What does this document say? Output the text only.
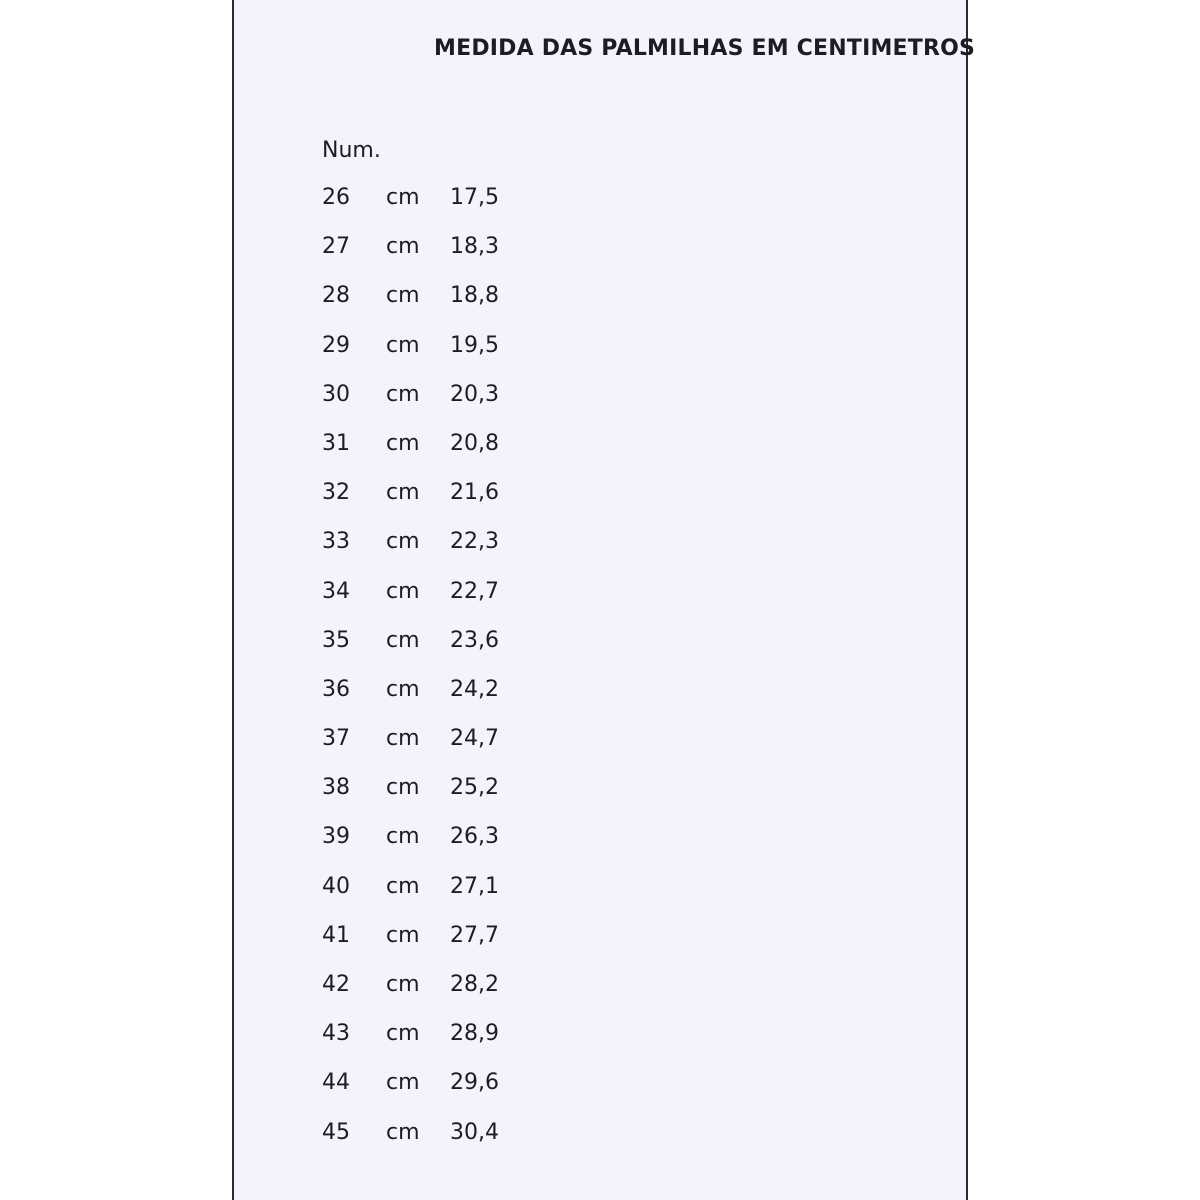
MEDIDA DAS PALMILHAS EM CENTIMETROS
Num.
26 cm 17,5
27 cm 18,3
28 cm 18,8
29 cm 19,5
30 cm 20,3
31 cm 20,8
32 cm 21,6
33 cm 22,3
34 cm 22,7
35 cm 23,6
36 cm 24,2
37 cm 24,7
38 cm 25,2
39 cm 26,3
40 cm 27,1
41 cm 27,7
42 cm 28,2
43 cm 28,9
44 cm 29,6
45 cm 30,4
